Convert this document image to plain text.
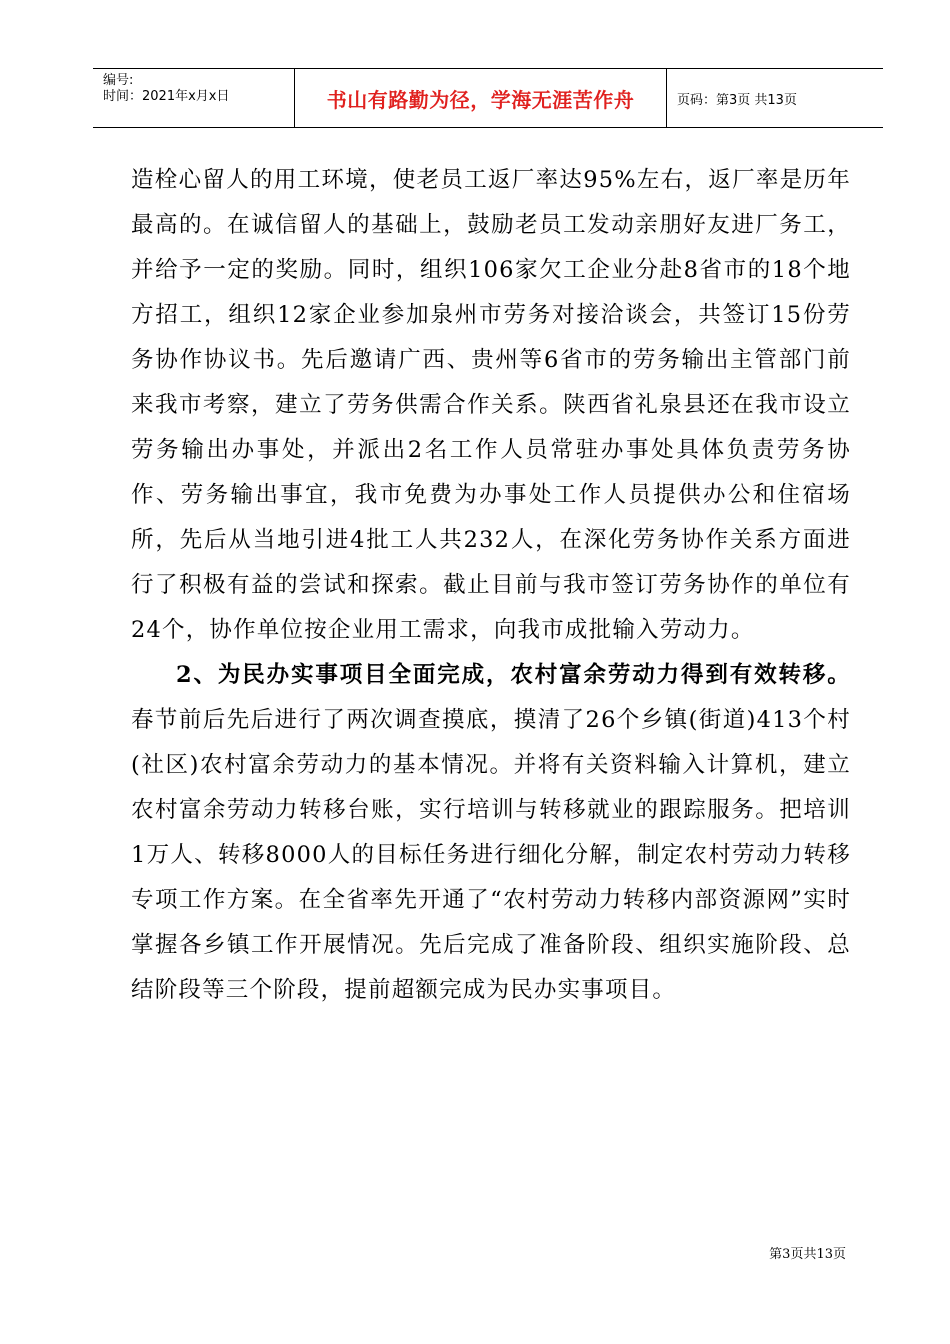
编号:
时间：2021年x月x日	书山有路勤为径，学海无涯苦作舟	页码：第3页 共13页

造栓心留人的用工环境，使老员工返厂率达95%左右，返厂率是历年最高的。在诚信留人的基础上，鼓励老员工发动亲朋好友进厂务工，并给予一定的奖励。同时，组织106家欠工企业分赴8省市的18个地方招工，组织12家企业参加泉州市劳务对接洽谈会，共签订15份劳务协作协议书。先后邀请广西、贵州等6省市的劳务输出主管部门前来我市考察，建立了劳务供需合作关系。陕西省礼泉县还在我市设立劳务输出办事处，并派出2名工作人员常驻办事处具体负责劳务协作、劳务输出事宜，我市免费为办事处工作人员提供办公和住宿场所，先后从当地引进4批工人共232人，在深化劳务协作关系方面进行了积极有益的尝试和探索。截止目前与我市签订劳务协作的单位有24个，协作单位按企业用工需求，向我市成批输入劳动力。

2、为民办实事项目全面完成，农村富余劳动力得到有效转移。春节前后先后进行了两次调查摸底，摸清了26个乡镇(街道)413个村(社区)农村富余劳动力的基本情况。并将有关资料输入计算机，建立农村富余劳动力转移台账，实行培训与转移就业的跟踪服务。把培训1万人、转移8000人的目标任务进行细化分解，制定农村劳动力转移专项工作方案。在全省率先开通了“农村劳动力转移内部资源网”实时掌握各乡镇工作开展情况。先后完成了准备阶段、组织实施阶段、总结阶段等三个阶段，提前超额完成为民办实事项目。

第3页共13页
